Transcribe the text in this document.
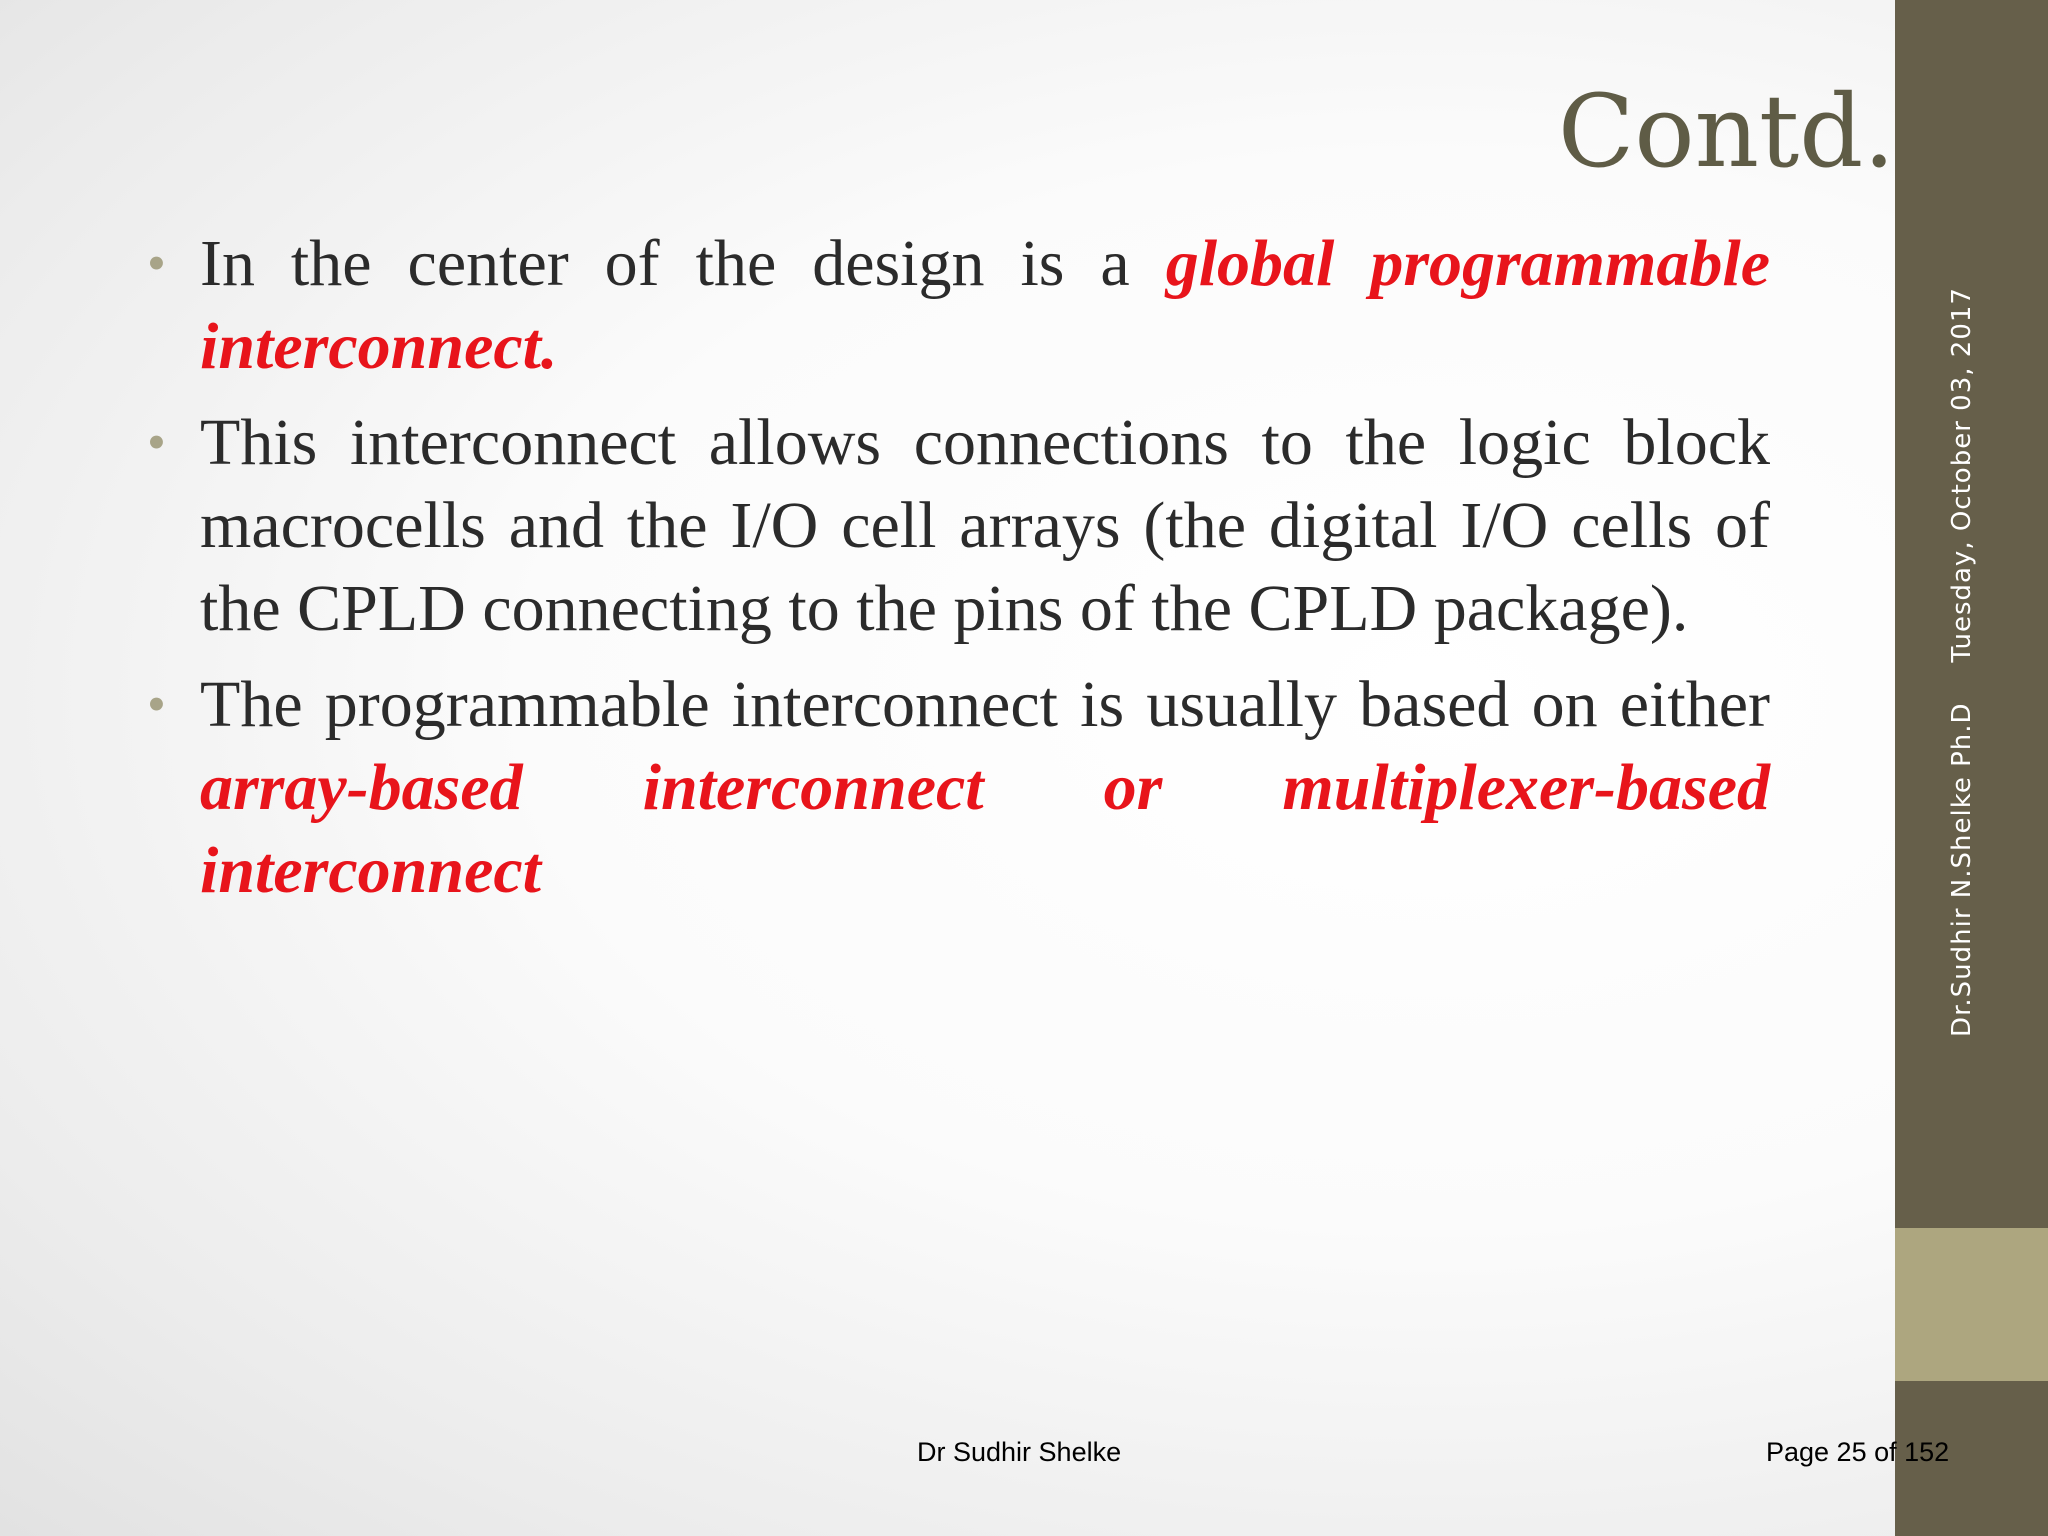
Contd.
• In the center of the design is a global programmable interconnect.
• This interconnect allows connections to the logic block macrocells and the I/O cell arrays (the digital I/O cells of the CPLD connecting to the pins of the CPLD package).
• The programmable interconnect is usually based on either array-based interconnect or multiplexer-based interconnect	Dr.Sudhir N.Shelke Ph.DTuesday, October 03, 2017
Dr Sudhir Shelke	Page 25 of 152
